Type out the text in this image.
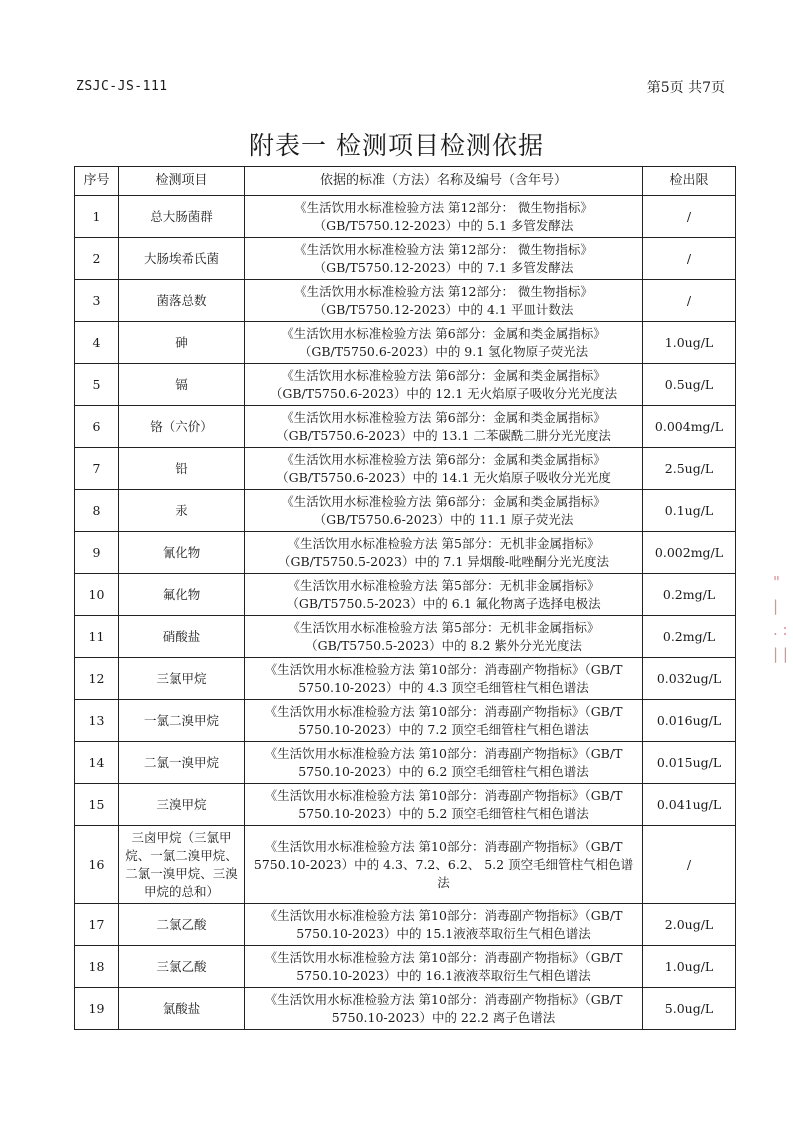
ZSJC-JS-111	第5页 共7页
附表一 检测项目检测依据
序号	检测项目	依据的标准（方法）名称及编号（含年号）	检出限
1	总大肠菌群	《生活饮用水标准检验方法 第12部分： 微生物指标》（GB/T5750.12-2023）中的 5.1 多管发酵法	/
2	大肠埃希氏菌	《生活饮用水标准检验方法 第12部分： 微生物指标》（GB/T5750.12-2023）中的 7.1 多管发酵法	/
3	菌落总数	《生活饮用水标准检验方法 第12部分： 微生物指标》（GB/T5750.12-2023）中的 4.1 平皿计数法	/
4	砷	《生活饮用水标准检验方法 第6部分：金属和类金属指标》（GB/T5750.6-2023）中的 9.1 氢化物原子荧光法	1.0ug/L
5	镉	《生活饮用水标准检验方法 第6部分：金属和类金属指标》（GB/T5750.6-2023）中的 12.1 无火焰原子吸收分光光度法	0.5ug/L
6	铬（六价）	《生活饮用水标准检验方法 第6部分：金属和类金属指标》（GB/T5750.6-2023）中的 13.1 二苯碳酰二肼分光光度法	0.004mg/L
7	铅	《生活饮用水标准检验方法 第6部分：金属和类金属指标》（GB/T5750.6-2023）中的 14.1 无火焰原子吸收分光光度	2.5ug/L
8	汞	《生活饮用水标准检验方法 第6部分：金属和类金属指标》（GB/T5750.6-2023）中的 11.1 原子荧光法	0.1ug/L
9	氰化物	《生活饮用水标准检验方法 第5部分：无机非金属指标》（GB/T5750.5-2023）中的 7.1 异烟酸-吡唑酮分光光度法	0.002mg/L
10	氟化物	《生活饮用水标准检验方法 第5部分：无机非金属指标》（GB/T5750.5-2023）中的 6.1 氟化物离子选择电极法	0.2mg/L
11	硝酸盐	《生活饮用水标准检验方法 第5部分：无机非金属指标》（GB/T5750.5-2023）中的 8.2 紫外分光光度法	0.2mg/L
12	三氯甲烷	《生活饮用水标准检验方法 第10部分：消毒副产物指标》（GB/T 5750.10-2023）中的 4.3 顶空毛细管柱气相色谱法	0.032ug/L
13	一氯二溴甲烷	《生活饮用水标准检验方法 第10部分：消毒副产物指标》（GB/T 5750.10-2023）中的 7.2 顶空毛细管柱气相色谱法	0.016ug/L
14	二氯一溴甲烷	《生活饮用水标准检验方法 第10部分：消毒副产物指标》（GB/T 5750.10-2023）中的 6.2 顶空毛细管柱气相色谱法	0.015ug/L
15	三溴甲烷	《生活饮用水标准检验方法 第10部分：消毒副产物指标》（GB/T 5750.10-2023）中的 5.2 顶空毛细管柱气相色谱法	0.041ug/L
16	三卤甲烷（三氯甲烷、一氯二溴甲烷、二氯一溴甲烷、三溴甲烷的总和）	《生活饮用水标准检验方法 第10部分：消毒副产物指标》（GB/T 5750.10-2023）中的 4.3、7.2、6.2、 5.2 顶空毛细管柱气相色谱法	/
17	二氯乙酸	《生活饮用水标准检验方法 第10部分：消毒副产物指标》（GB/T 5750.10-2023）中的 15.1液液萃取衍生气相色谱法	2.0ug/L
18	三氯乙酸	《生活饮用水标准检验方法 第10部分：消毒副产物指标》（GB/T 5750.10-2023）中的 16.1液液萃取衍生气相色谱法	1.0ug/L
19	氯酸盐	《生活饮用水标准检验方法 第10部分：消毒副产物指标》（GB/T 5750.10-2023）中的 22.2 离子色谱法	5.0ug/L
" |
. :
| |
